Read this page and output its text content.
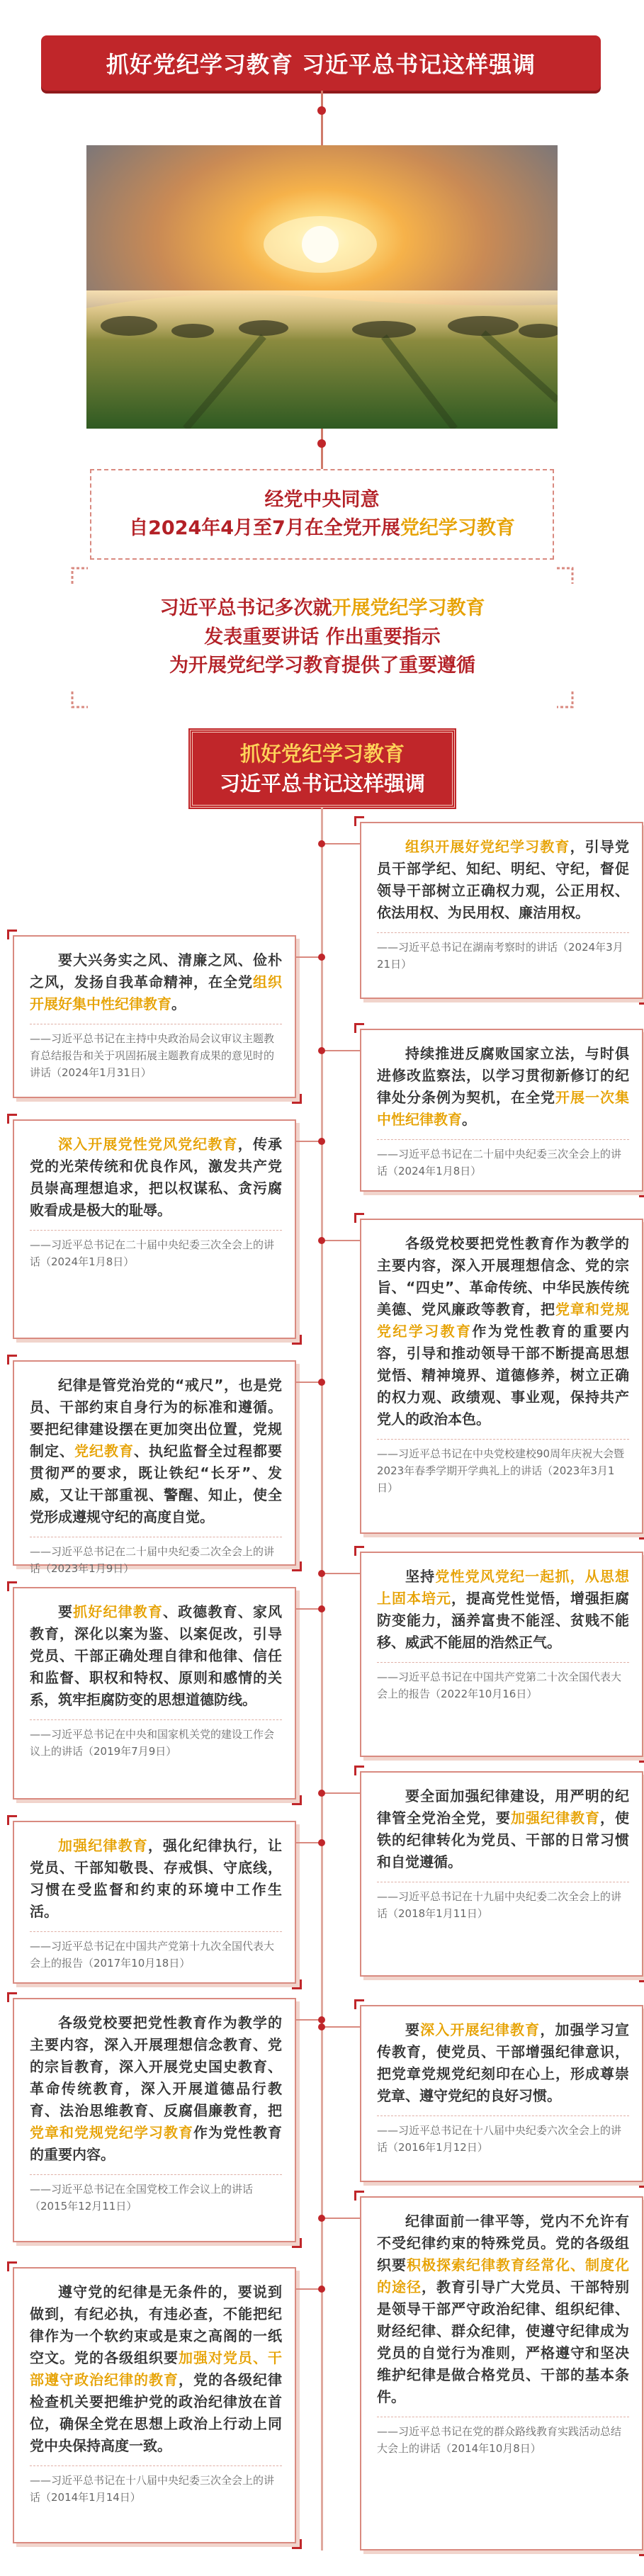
抓好党纪学习教育 习近平总书记这样强调
经党中央同意
自2024年4月至7月在全党开展党纪学习教育
习近平总书记多次就开展党纪学习教育
发表重要讲话 作出重要指示
为开展党纪学习教育提供了重要遵循
抓好党纪学习教育
习近平总书记这样强调
组织开展好党纪学习教育，引导党员干部学纪、知纪、明纪、守纪，督促领导干部树立正确权力观，公正用权、依法用权、为民用权、廉洁用权。
——习近平总书记在湖南考察时的讲话（2024年3月21日）
要大兴务实之风、清廉之风、俭朴之风，发扬自我革命精神，在全党组织开展好集中性纪律教育。
——习近平总书记在主持中央政治局会议审议主题教育总结报告和关于巩固拓展主题教育成果的意见时的讲话（2024年1月31日）
持续推进反腐败国家立法，与时俱进修改监察法，以学习贯彻新修订的纪律处分条例为契机，在全党开展一次集中性纪律教育。
——习近平总书记在二十届中央纪委三次全会上的讲话（2024年1月8日）
深入开展党性党风党纪教育，传承党的光荣传统和优良作风，激发共产党员崇高理想追求，把以权谋私、贪污腐败看成是极大的耻辱。
——习近平总书记在二十届中央纪委三次全会上的讲话（2024年1月8日）
各级党校要把党性教育作为教学的主要内容，深入开展理想信念、党的宗旨、“四史”、革命传统、中华民族传统美德、党风廉政等教育，把党章和党规党纪学习教育作为党性教育的重要内容，引导和推动领导干部不断提高思想觉悟、精神境界、道德修养，树立正确的权力观、政绩观、事业观，保持共产党人的政治本色。
——习近平总书记在中央党校建校90周年庆祝大会暨2023年春季学期开学典礼上的讲话（2023年3月1日）
纪律是管党治党的“戒尺”，也是党员、干部约束自身行为的标准和遵循。要把纪律建设摆在更加突出位置，党规制定、党纪教育、执纪监督全过程都要贯彻严的要求，既让铁纪“长牙”、发威，又让干部重视、警醒、知止，使全党形成遵规守纪的高度自觉。
——习近平总书记在二十届中央纪委二次全会上的讲话（2023年1月9日）	坚持党性党风党纪一起抓，从思想上固本培元，提高党性觉悟，增强拒腐防变能力，涵养富贵不能淫、贫贱不能移、威武不能屈的浩然正气。
——习近平总书记在中国共产党第二十次全国代表大会上的报告（2022年10月16日）
要抓好纪律教育、政德教育、家风教育，深化以案为鉴、以案促改，引导党员、干部正确处理自律和他律、信任和监督、职权和特权、原则和感情的关系，筑牢拒腐防变的思想道德防线。
——习近平总书记在中央和国家机关党的建设工作会议上的讲话（2019年7月9日）
要全面加强纪律建设，用严明的纪律管全党治全党，要加强纪律教育，使铁的纪律转化为党员、干部的日常习惯和自觉遵循。
——习近平总书记在十九届中央纪委二次全会上的讲话（2018年1月11日）
加强纪律教育，强化纪律执行，让党员、干部知敬畏、存戒惧、守底线，习惯在受监督和约束的环境中工作生活。
——习近平总书记在中国共产党第十九次全国代表大会上的报告（2017年10月18日）
要深入开展纪律教育，加强学习宣传教育，使党员、干部增强纪律意识，把党章党规党纪刻印在心上，形成尊崇党章、遵守党纪的良好习惯。
——习近平总书记在十八届中央纪委六次全会上的讲话（2016年1月12日）
各级党校要把党性教育作为教学的主要内容，深入开展理想信念教育、党的宗旨教育，深入开展党史国史教育、革命传统教育，深入开展道德品行教育、法治思维教育、反腐倡廉教育，把党章和党规党纪学习教育作为党性教育的重要内容。
——习近平总书记在全国党校工作会议上的讲话（2015年12月11日）
纪律面前一律平等，党内不允许有不受纪律约束的特殊党员。党的各级组织要积极探索纪律教育经常化、制度化的途径，教育引导广大党员、干部特别是领导干部严守政治纪律、组织纪律、财经纪律、群众纪律，使遵守纪律成为党员的自觉行为准则，严格遵守和坚决维护纪律是做合格党员、干部的基本条件。
——习近平总书记在党的群众路线教育实践活动总结大会上的讲话（2014年10月8日）
遵守党的纪律是无条件的，要说到做到，有纪必执，有违必查，不能把纪律作为一个软约束或是束之高阁的一纸空文。党的各级组织要加强对党员、干部遵守政治纪律的教育，党的各级纪律检查机关要把维护党的政治纪律放在首位，确保全党在思想上政治上行动上同党中央保持高度一致。
——习近平总书记在十八届中央纪委三次全会上的讲话（2014年1月14日）
